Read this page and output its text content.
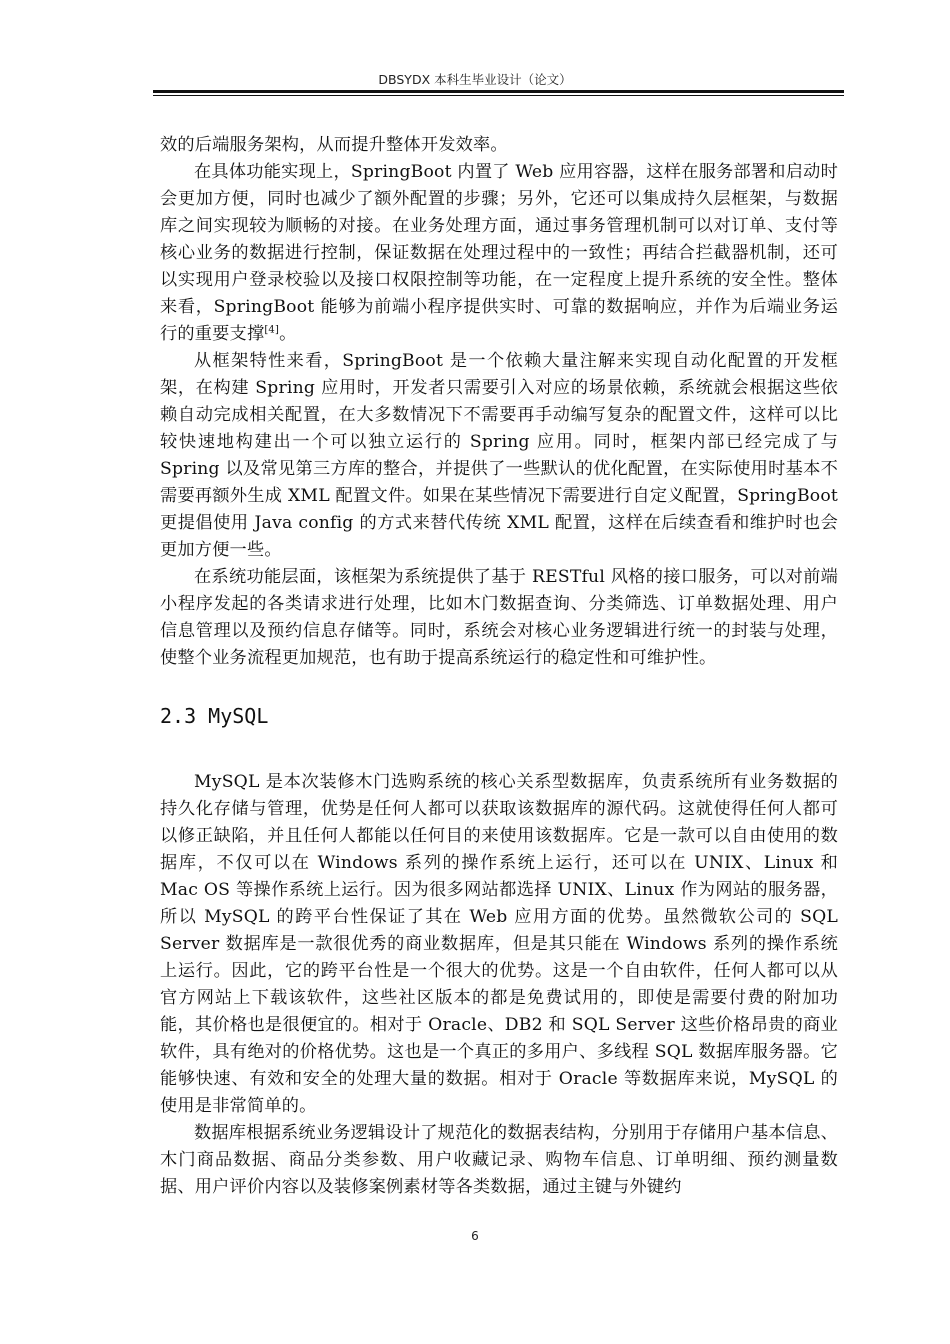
DBSYDX 本科生毕业设计（论文）

效的后端服务架构，从而提升整体开发效率。

在具体功能实现上，SpringBoot 内置了 Web 应用容器，这样在服务部署和启动时会更加方便，同时也减少了额外配置的步骤；另外，它还可以集成持久层框架，与数据库之间实现较为顺畅的对接。在业务处理方面，通过事务管理机制可以对订单、支付等核心业务的数据进行控制，保证数据在处理过程中的一致性；再结合拦截器机制，还可以实现用户登录校验以及接口权限控制等功能，在一定程度上提升系统的安全性。整体来看，SpringBoot 能够为前端小程序提供实时、可靠的数据响应，并作为后端业务运行的重要支撑[4]。

从框架特性来看，SpringBoot 是一个依赖大量注解来实现自动化配置的开发框架，在构建 Spring 应用时，开发者只需要引入对应的场景依赖，系统就会根据这些依赖自动完成相关配置，在大多数情况下不需要再手动编写复杂的配置文件，这样可以比较快速地构建出一个可以独立运行的 Spring 应用。同时，框架内部已经完成了与 Spring 以及常见第三方库的整合，并提供了一些默认的优化配置，在实际使用时基本不需要再额外生成 XML 配置文件。如果在某些情况下需要进行自定义配置，SpringBoot 更提倡使用 Java config 的方式来替代传统 XML 配置，这样在后续查看和维护时也会更加方便一些。

在系统功能层面，该框架为系统提供了基于 RESTful 风格的接口服务，可以对前端小程序发起的各类请求进行处理，比如木门数据查询、分类筛选、订单数据处理、用户信息管理以及预约信息存储等。同时，系统会对核心业务逻辑进行统一的封装与处理，使整个业务流程更加规范，也有助于提高系统运行的稳定性和可维护性。

2.3 MySQL

MySQL 是本次装修木门选购系统的核心关系型数据库，负责系统所有业务数据的持久化存储与管理，优势是任何人都可以获取该数据库的源代码。这就使得任何人都可以修正缺陷，并且任何人都能以任何目的来使用该数据库。它是一款可以自由使用的数据库，不仅可以在 Windows 系列的操作系统上运行，还可以在 UNIX、Linux 和 Mac OS 等操作系统上运行。因为很多网站都选择 UNIX、Linux 作为网站的服务器，所以 MySQL 的跨平台性保证了其在 Web 应用方面的优势。虽然微软公司的 SQL Server 数据库是一款很优秀的商业数据库，但是其只能在 Windows 系列的操作系统上运行。因此，它的跨平台性是一个很大的优势。这是一个自由软件，任何人都可以从官方网站上下载该软件，这些社区版本的都是免费试用的，即使是需要付费的附加功能，其价格也是很便宜的。相对于 Oracle、DB2 和 SQL Server 这些价格昂贵的商业软件，具有绝对的价格优势。这也是一个真正的多用户、多线程 SQL 数据库服务器。它能够快速、有效和安全的处理大量的数据。相对于 Oracle 等数据库来说，MySQL 的使用是非常简单的。

数据库根据系统业务逻辑设计了规范化的数据表结构，分别用于存储用户基本信息、木门商品数据、商品分类参数、用户收藏记录、购物车信息、订单明细、预约测量数据、用户评价内容以及装修案例素材等各类数据，通过主键与外键约

6
